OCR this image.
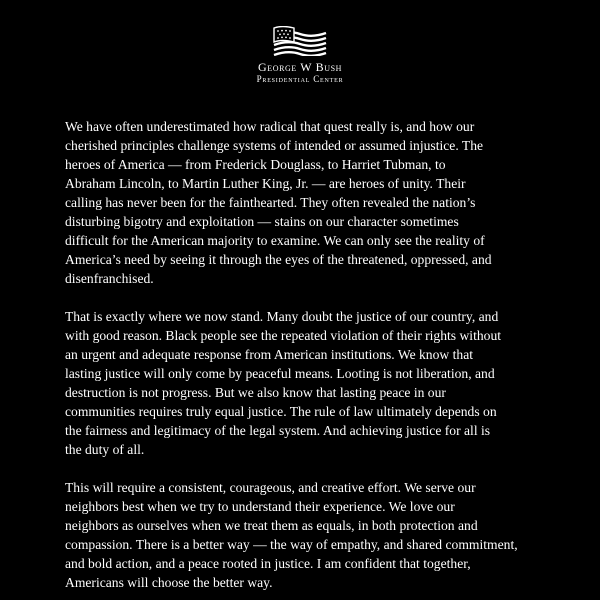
George W Bush
Presidential Center
We have often underestimated how radical that quest really is, and how our
cherished principles challenge systems of intended or assumed injustice. The
heroes of America — from Frederick Douglass, to Harriet Tubman, to
Abraham Lincoln, to Martin Luther King, Jr. — are heroes of unity. Their
calling has never been for the fainthearted. They often revealed the nation’s
disturbing bigotry and exploitation — stains on our character sometimes
difficult for the American majority to examine. We can only see the reality of
America’s need by seeing it through the eyes of the threatened, oppressed, and
disenfranchised.
That is exactly where we now stand. Many doubt the justice of our country, and
with good reason. Black people see the repeated violation of their rights without
an urgent and adequate response from American institutions. We know that
lasting justice will only come by peaceful means. Looting is not liberation, and
destruction is not progress. But we also know that lasting peace in our
communities requires truly equal justice. The rule of law ultimately depends on
the fairness and legitimacy of the legal system. And achieving justice for all is
the duty of all.
This will require a consistent, courageous, and creative effort. We serve our
neighbors best when we try to understand their experience. We love our
neighbors as ourselves when we treat them as equals, in both protection and
compassion. There is a better way — the way of empathy, and shared commitment,
and bold action, and a peace rooted in justice. I am confident that together,
Americans will choose the better way.
